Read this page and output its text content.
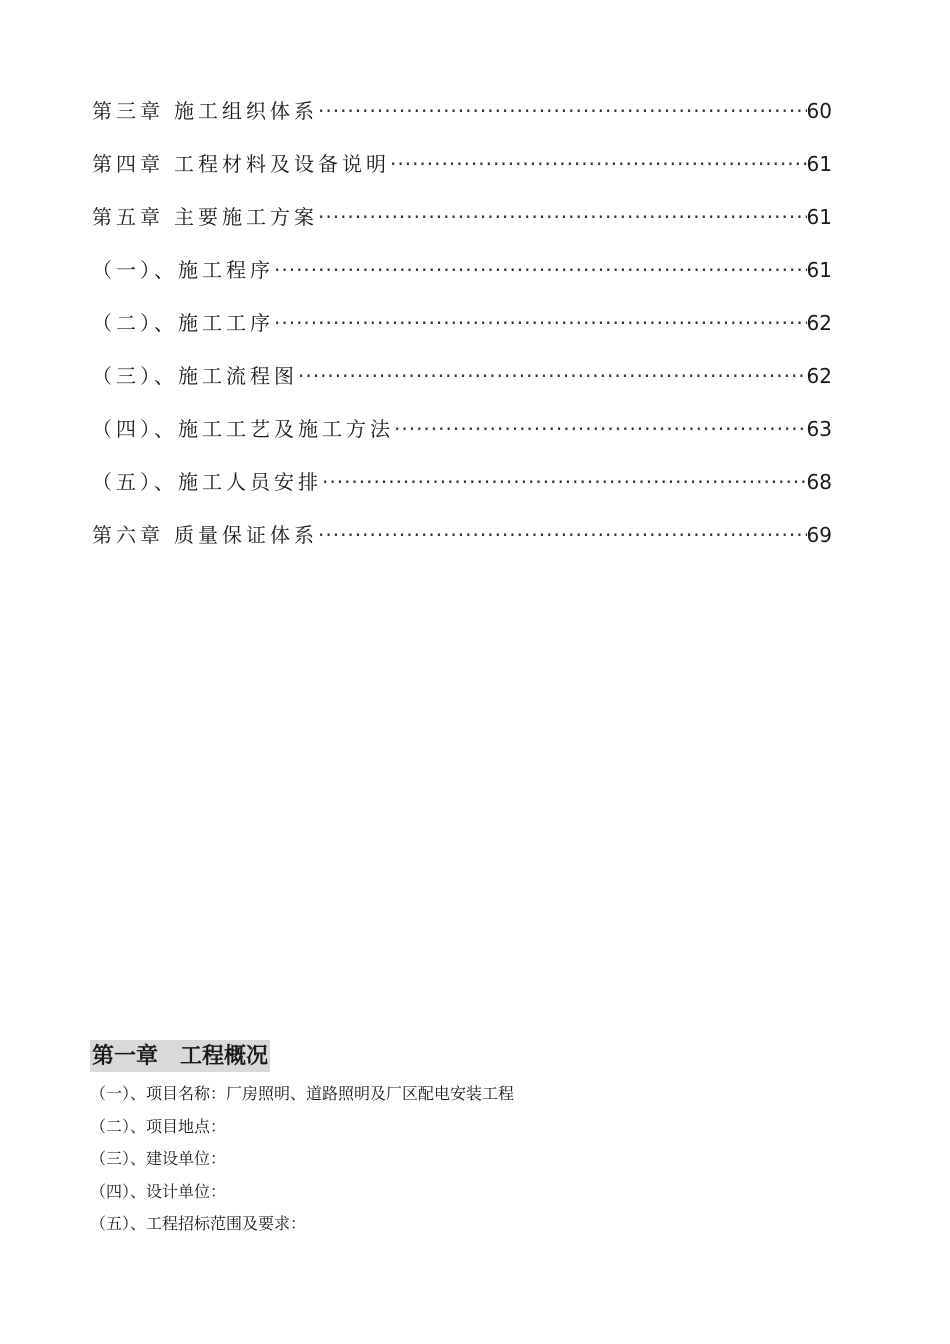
第三章 施工组织体系 ·····	60
第四章 工程材料及设备说明 ·····	61
第五章 主要施工方案 ·····	61
（一）、施工程序 ·····	61
（二）、施工工序 ·····	62
（三）、施工流程图 ·····	62
（四）、施工工艺及施工方法 ·····	63
（五）、施工人员安排 ·····	68
第六章 质量保证体系 ·····	69
第一章 工程概况
（一）、项目名称：厂房照明、道路照明及厂区配电安装工程
（二）、项目地点：
（三）、建设单位：
（四）、设计单位：
（五）、工程招标范围及要求：
